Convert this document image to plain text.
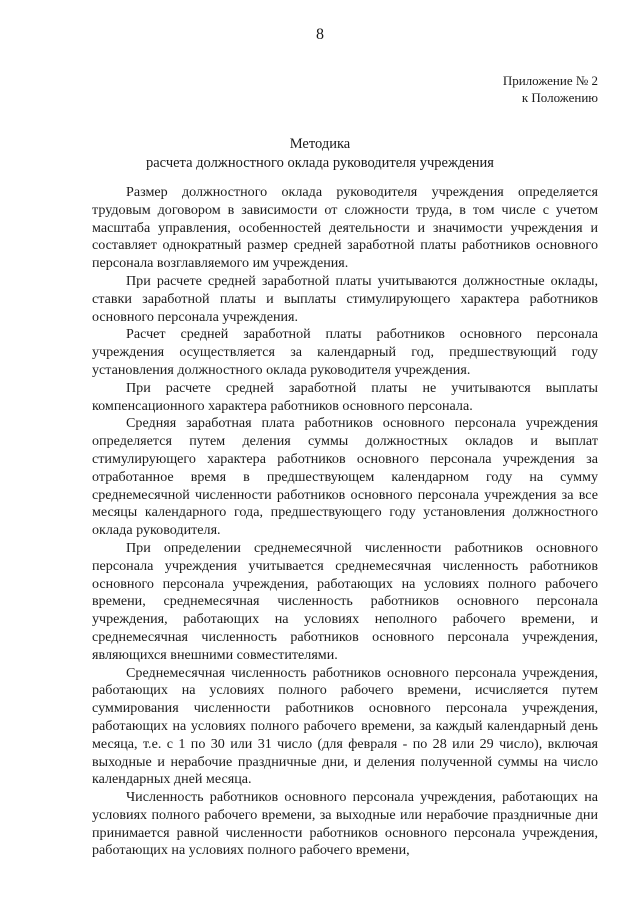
8
Приложение № 2
к Положению
Методика
расчета должностного оклада руководителя учреждения

Размер должностного оклада руководителя учреждения определяется трудовым договором в зависимости от сложности труда, в том числе с учетом масштаба управления, особенностей деятельности и значимости учреждения и составляет однократный размер средней заработной платы работников основного персонала возглавляемого им учреждения.

При расчете средней заработной платы учитываются должностные оклады, ставки заработной платы и выплаты стимулирующего характера работников основного персонала учреждения.

Расчет средней заработной платы работников основного персонала учреждения осуществляется за календарный год, предшествующий году установления должностного оклада руководителя учреждения.

При расчете средней заработной платы не учитываются выплаты компенсационного характера работников основного персонала.

Средняя заработная плата работников основного персонала учреждения определяется путем деления суммы должностных окладов и выплат стимулирующего характера работников основного персонала учреждения за отработанное время в предшествующем календарном году на сумму среднемесячной численности работников основного персонала учреждения за все месяцы календарного года, предшествующего году установления должностного оклада руководителя.

При определении среднемесячной численности работников основного персонала учреждения учитывается среднемесячная численность работников основного персонала учреждения, работающих на условиях полного рабочего времени, среднемесячная численность работников основного персонала учреждения, работающих на условиях неполного рабочего времени, и среднемесячная численность работников основного персонала учреждения, являющихся внешними совместителями.

Среднемесячная численность работников основного персонала учреждения, работающих на условиях полного рабочего времени, исчисляется путем суммирования численности работников основного персонала учреждения, работающих на условиях полного рабочего времени, за каждый календарный день месяца, т.е. с 1 по 30 или 31 число (для февраля - по 28 или 29 число), включая выходные и нерабочие праздничные дни, и деления полученной суммы на число календарных дней месяца.

Численность работников основного персонала учреждения, работающих на условиях полного рабочего времени, за выходные или нерабочие праздничные дни принимается равной численности работников основного персонала учреждения, работающих на условиях полного рабочего времени,
